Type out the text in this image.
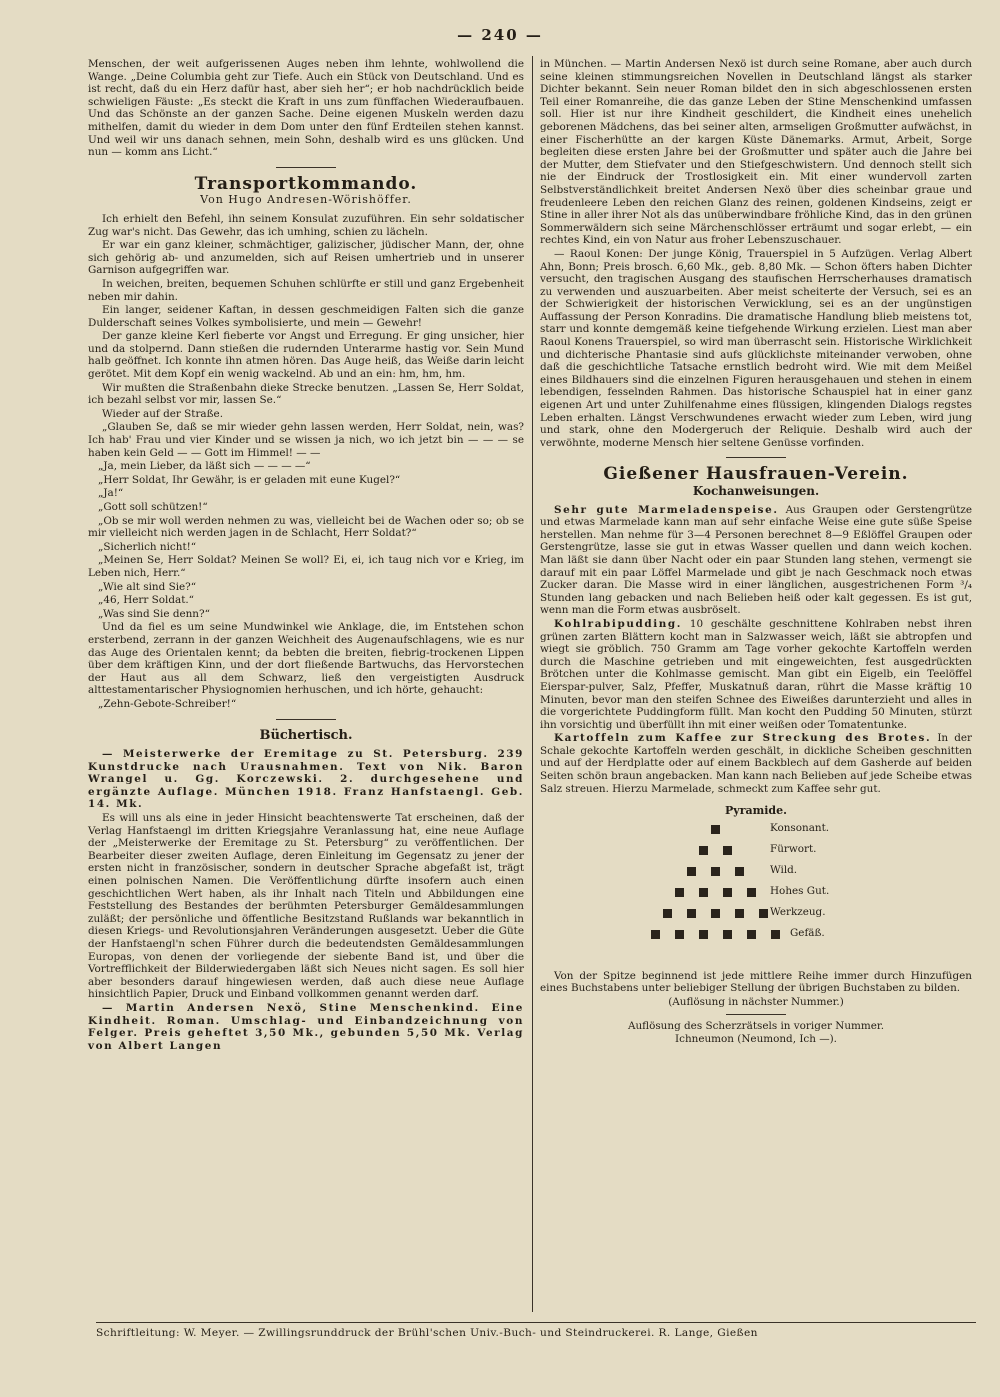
— 240 —

Menschen, der weit aufgerissenen Auges neben ihm lehnte, wohlwollend die Wange. „Deine Columbia geht zur Tiefe. Auch ein Stück von Deutschland. Und es ist recht, daß du ein Herz dafür hast, aber sieh her“; er hob nachdrücklich beide schwieligen Fäuste: „Es steckt die Kraft in uns zum fünffachen Wiederaufbauen. Und das Schönste an der ganzen Sache. Deine eigenen Muskeln werden dazu mithelfen, damit du wieder in dem Dom unter den fünf Erdteilen stehen kannst. Und weil wir uns danach sehnen, mein Sohn, deshalb wird es uns glücken. Und nun — komm ans Licht.“

Transportkommando.
Von Hugo Andresen-Wörishöffer.

Ich erhielt den Befehl, ihn seinem Konsulat zuzuführen. Ein sehr soldatischer Zug war's nicht. Das Gewehr, das ich umhing, schien zu lächeln.

Er war ein ganz kleiner, schmächtiger, galizischer, jüdischer Mann, der, ohne sich gehörig ab- und anzumelden, sich auf Reisen umhertrieb und in unserer Garnison aufgegriffen war.

In weichen, breiten, bequemen Schuhen schlürfte er still und ganz Ergebenheit neben mir dahin.

Ein langer, seidener Kaftan, in dessen geschmeidigen Falten sich die ganze Dulderschaft seines Volkes symbolisierte, und mein — Gewehr!

Der ganze kleine Kerl fieberte vor Angst und Erregung. Er ging unsicher, hier und da stolpernd. Dann stießen die rudernden Unterarme hastig vor. Sein Mund halb geöffnet. Ich konnte ihn atmen hören. Das Auge heiß, das Weiße darin leicht gerötet. Mit dem Kopf ein wenig wackelnd. Ab und an ein: hm, hm, hm.

Wir mußten die Straßenbahn dieke Strecke benutzen. „Lassen Se, Herr Soldat, ich bezahl selbst vor mir, lassen Se.“

Wieder auf der Straße.

„Glauben Se, daß se mir wieder gehn lassen werden, Herr Soldat, nein, was? Ich hab' Frau und vier Kinder und se wissen ja nich, wo ich jetzt bin — — — se haben kein Geld — — Gott im Himmel! — —

„Ja, mein Lieber, da läßt sich — — — —“

„Herr Soldat, Ihr Gewähr, is er geladen mit eune Kugel?“

„Ja!“

„Gott soll schützen!“

„Ob se mir woll werden nehmen zu was, vielleicht bei de Wachen oder so; ob se mir vielleicht nich werden jagen in de Schlacht, Herr Soldat?“

„Sicherlich nicht!“

„Meinen Se, Herr Soldat? Meinen Se woll? Ei, ei, ich taug nich vor e Krieg, im Leben nich, Herr.“

„Wie alt sind Sie?“

„46, Herr Soldat.“

„Was sind Sie denn?“

Und da fiel es um seine Mundwinkel wie Anklage, die, im Entstehen schon ersterbend, zerrann in der ganzen Weichheit des Augenaufschlagens, wie es nur das Auge des Orientalen kennt; da bebten die breiten, fiebrig-trockenen Lippen über dem kräftigen Kinn, und der dort fließende Bartwuchs, das Hervorstechen der Haut aus all dem Schwarz, ließ den vergeistigten Ausdruck alttestamentarischer Physiognomien herhuschen, und ich hörte, gehaucht:

„Zehn-Gebote-Schreiber!“

Büchertisch.

— Meisterwerke der Eremitage zu St. Petersburg. 239 Kunstdrucke nach Urausnahmen. Text von Nik. Baron Wrangel u. Gg. Korczewski. 2. durchgesehene und ergänzte Auflage. München 1918. Franz Hanfstaengl. Geb. 14. Mk.

Es will uns als eine in jeder Hinsicht beachtenswerte Tat erscheinen, daß der Verlag Hanfstaengl im dritten Kriegsjahre Veranlassung hat, eine neue Auflage der „Meisterwerke der Eremitage zu St. Petersburg“ zu veröffentlichen. Der Bearbeiter dieser zweiten Auflage, deren Einleitung im Gegensatz zu jener der ersten nicht in französischer, sondern in deutscher Sprache abgefaßt ist, trägt einen polnischen Namen. Die Veröffentlichung dürfte insofern auch einen geschichtlichen Wert haben, als ihr Inhalt nach Titeln und Abbildungen eine Feststellung des Bestandes der berühmten Petersburger Gemäldesammlungen zuläßt; der persönliche und öffentliche Besitzstand Rußlands war bekanntlich in diesen Kriegs- und Revolutionsjahren Veränderungen ausgesetzt. Ueber die Güte der Hanfstaengl'n schen Führer durch die bedeutendsten Gemäldesammlungen Europas, von denen der vorliegende der siebente Band ist, und über die Vortrefflichkeit der Bilderwiedergaben läßt sich Neues nicht sagen. Es soll hier aber besonders darauf hingewiesen werden, daß auch diese neue Auflage hinsichtlich Papier, Druck und Einband vollkommen genannt werden darf.

— Martin Andersen Nexö, Stine Menschenkind. Eine Kindheit. Roman. Umschlag- und Einbandzeichnung von Felger. Preis geheftet 3,50 Mk., gebunden 5,50 Mk. Verlag von Albert Langen

in München. — Martin Andersen Nexö ist durch seine Romane, aber auch durch seine kleinen stimmungsreichen Novellen in Deutschland längst als starker Dichter bekannt. Sein neuer Roman bildet den in sich abgeschlossenen ersten Teil einer Romanreihe, die das ganze Leben der Stine Menschenkind umfassen soll. Hier ist nur ihre Kindheit geschildert, die Kindheit eines unehelich geborenen Mädchens, das bei seiner alten, armseligen Großmutter aufwächst, in einer Fischerhütte an der kargen Küste Dänemarks. Armut, Arbeit, Sorge begleiten diese ersten Jahre bei der Großmutter und später auch die Jahre bei der Mutter, dem Stiefvater und den Stiefgeschwistern. Und dennoch stellt sich nie der Eindruck der Trostlosigkeit ein. Mit einer wundervoll zarten Selbstverständlichkeit breitet Andersen Nexö über dies scheinbar graue und freudenleere Leben den reichen Glanz des reinen, goldenen Kindseins, zeigt er Stine in aller ihrer Not als das unüberwindbare fröhliche Kind, das in den grünen Sommerwäldern sich seine Märchenschlösser erträumt und sogar erlebt, — ein rechtes Kind, ein von Natur aus froher Lebenszuschauer.

— Raoul Konen: Der junge König, Trauerspiel in 5 Aufzügen. Verlag Albert Ahn, Bonn; Preis brosch. 6,60 Mk., geb. 8,80 Mk. — Schon öfters haben Dichter versucht, den tragischen Ausgang des staufischen Herrscherhauses dramatisch zu verwenden und auszuarbeiten. Aber meist scheiterte der Versuch, sei es an der Schwierigkeit der historischen Verwicklung, sei es an der ungünstigen Auffassung der Person Konradins. Die dramatische Handlung blieb meistens tot, starr und konnte demgemäß keine tiefgehende Wirkung erzielen. Liest man aber Raoul Konens Trauerspiel, so wird man überrascht sein. Historische Wirklichkeit und dichterische Phantasie sind aufs glücklichste miteinander verwoben, ohne daß die geschichtliche Tatsache ernstlich bedroht wird. Wie mit dem Meißel eines Bildhauers sind die einzelnen Figuren herausgehauen und stehen in einem lebendigen, fesselnden Rahmen. Das historische Schauspiel hat in einer ganz eigenen Art und unter Zuhilfenahme eines flüssigen, klingenden Dialogs regstes Leben erhalten. Längst Verschwundenes erwacht wieder zum Leben, wird jung und stark, ohne den Modergeruch der Reliquie. Deshalb wird auch der verwöhnte, moderne Mensch hier seltene Genüsse vorfinden.

Gießener Hausfrauen-Verein.
Kochanweisungen.

Sehr gute Marmeladenspeise. Aus Graupen oder Gerstengrütze und etwas Marmelade kann man auf sehr einfache Weise eine gute süße Speise herstellen. Man nehme für 3—4 Personen berechnet 8—9 Eßlöffel Graupen oder Gerstengrütze, lasse sie gut in etwas Wasser quellen und dann weich kochen. Man läßt sie dann über Nacht oder ein paar Stunden lang stehen, vermengt sie darauf mit ein paar Löffel Marmelade und gibt je nach Geschmack noch etwas Zucker daran. Die Masse wird in einer länglichen, ausgestrichenen Form ³/₄ Stunden lang gebacken und nach Belieben heiß oder kalt gegessen. Es ist gut, wenn man die Form etwas ausbröselt.

Kohlrabipudding. 10 geschälte geschnittene Kohlraben nebst ihren grünen zarten Blättern kocht man in Salzwasser weich, läßt sie abtropfen und wiegt sie gröblich. 750 Gramm am Tage vorher gekochte Kartoffeln werden durch die Maschine getrieben und mit eingeweichten, fest ausgedrückten Brötchen unter die Kohlmasse gemischt. Man gibt ein Eigelb, ein Teelöffel Eierspar-pulver, Salz, Pfeffer, Muskatnuß daran, rührt die Masse kräftig 10 Minuten, bevor man den steifen Schnee des Eiweißes darunterzieht und alles in die vorgerichtete Puddingform füllt. Man kocht den Pudding 50 Minuten, stürzt ihn vorsichtig und überfüllt ihn mit einer weißen oder Tomatentunke.

Kartoffeln zum Kaffee zur Streckung des Brotes. In der Schale gekochte Kartoffeln werden geschält, in dickliche Scheiben geschnitten und auf der Herdplatte oder auf einem Backblech auf dem Gasherde auf beiden Seiten schön braun angebacken. Man kann nach Belieben auf jede Scheibe etwas Salz streuen. Hierzu Marmelade, schmeckt zum Kaffee sehr gut.

Pyramide.
Konsonant.
Fürwort.
Wild.
Hohes Gut.
Werkzeug.
Gefäß.

Von der Spitze beginnend ist jede mittlere Reihe immer durch Hinzufügen eines Buchstabens unter beliebiger Stellung der übrigen Buchstaben zu bilden.

(Auflösung in nächster Nummer.)

Auflösung des Scherzrätsels in voriger Nummer.

Ichneumon (Neumond, Ich —).

Schriftleitung: W. Meyer. — Zwillingsrunddruck der Brühl'schen Univ.-Buch- und Steindruckerei. R. Lange, Gießen
